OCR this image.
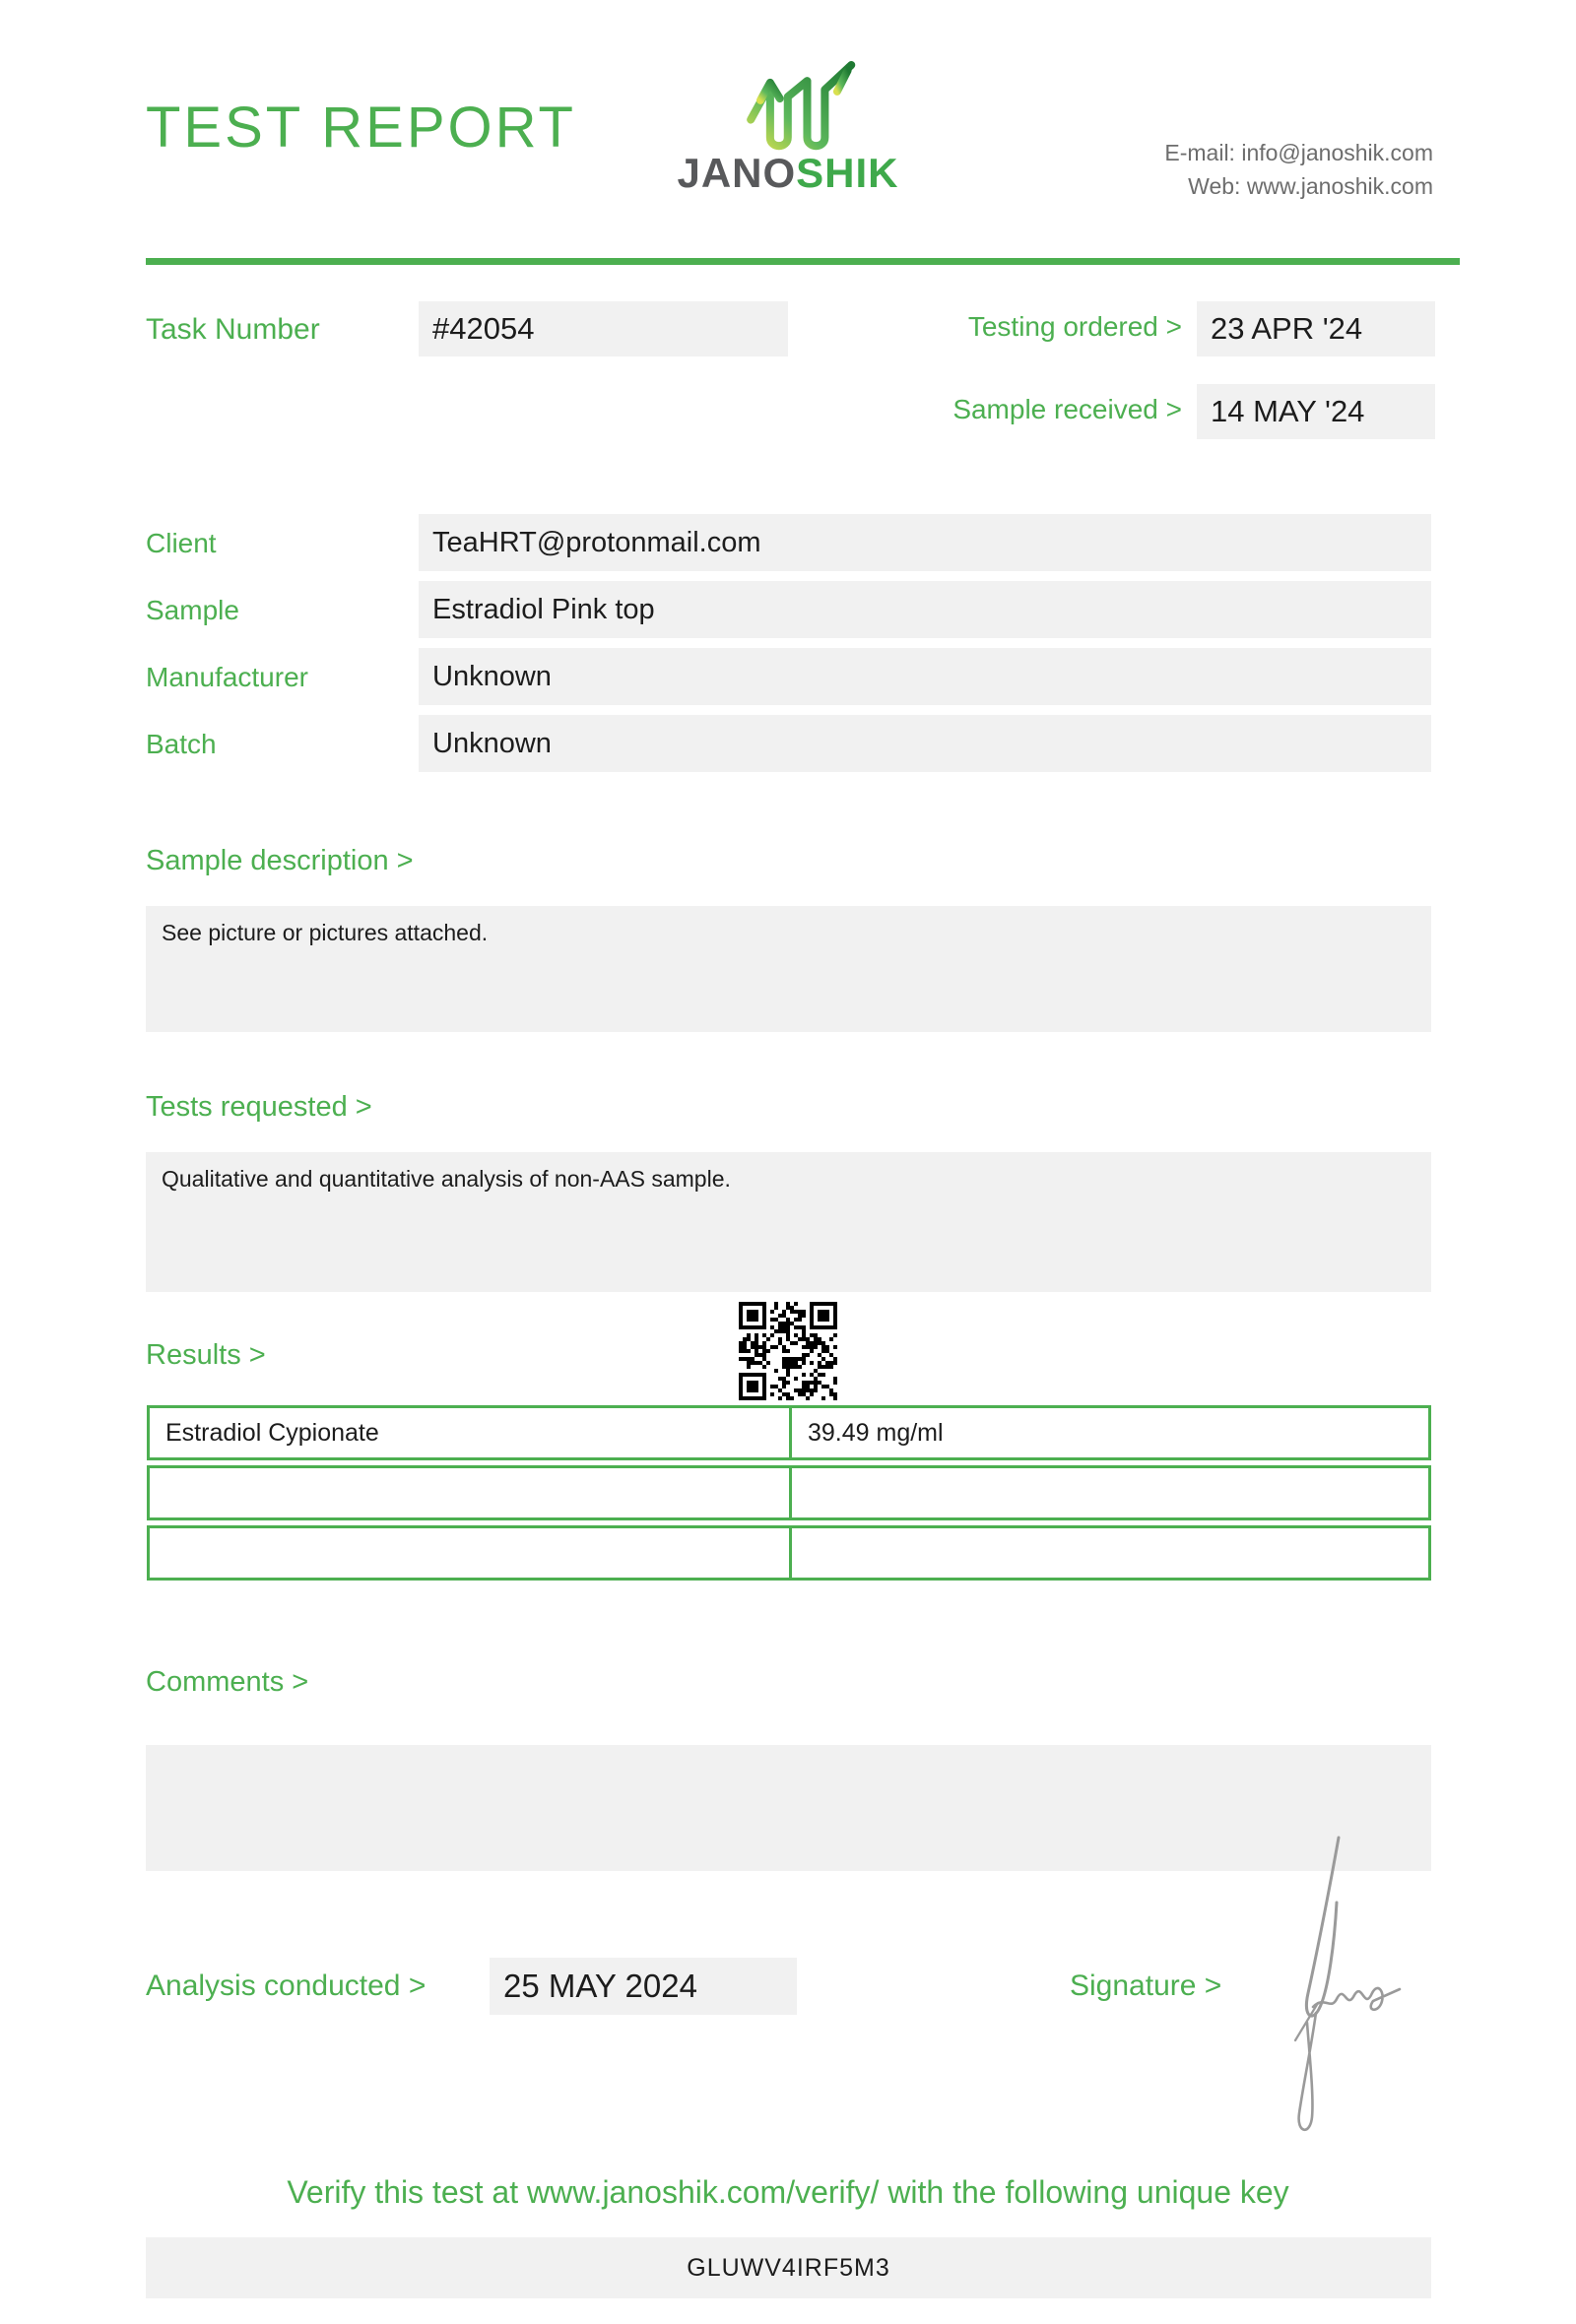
TEST REPORT
JANOSHIK	E-mail: info@janoshik.com
Web: www.janoshik.com
Task Number	#42054	Testing ordered > 23 APR '24
Sample received > 14 MAY '24
Client	TeaHRT@protonmail.com
Sample	Estradiol Pink top
Manufacturer	Unknown
Batch	Unknown
Sample description >
See picture or pictures attached.
Tests requested >
Qualitative and quantitative analysis of non-AAS sample.
Results >
Estradiol Cypionate	39.49 mg/ml
Comments >
Analysis conducted >	25 MAY 2024	Signature >
Verify this test at www.janoshik.com/verify/ with the following unique key
GLUWV4IRF5M3
